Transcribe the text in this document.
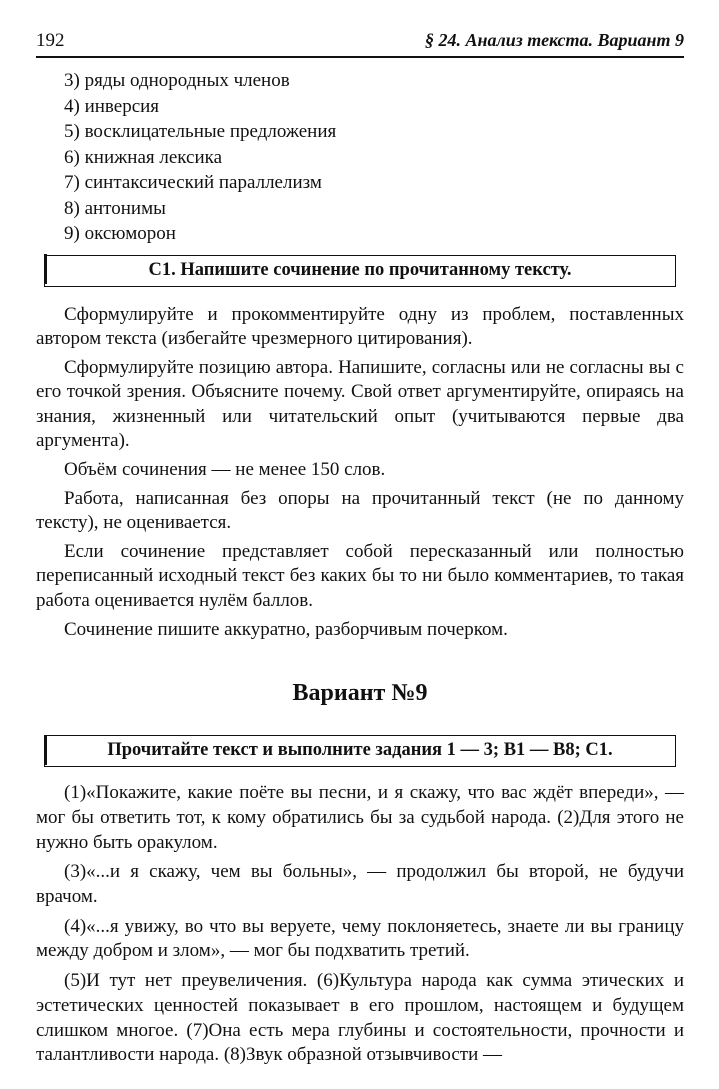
192	§ 24. Анализ текста. Вариант 9
3) ряды однородных членов
4) инверсия
5) восклицательные предложения
6) книжная лексика
7) синтаксический параллелизм
8) антонимы
9) оксюморон
С1. Напишите сочинение по прочитанному тексту.

Сформулируйте и прокомментируйте одну из проблем, поставленных автором текста (избегайте чрезмерного цитирования).

Сформулируйте позицию автора. Напишите, согласны или не согласны вы с его точкой зрения. Объясните почему. Свой ответ аргументируйте, опираясь на знания, жизненный или читательский опыт (учитываются первые два аргумента).

Объём сочинения — не менее 150 слов.

Работа, написанная без опоры на прочитанный текст (не по данному тексту), не оценивается.

Если сочинение представляет собой пересказанный или полностью переписанный исходный текст без каких бы то ни было комментариев, то такая работа оценивается нулём баллов.

Сочинение пишите аккуратно, разборчивым почерком.

Вариант №9
Прочитайте текст и выполните задания 1 — 3; В1 — В8; С1.

(1)«Покажите, какие поёте вы песни, и я скажу, что вас ждёт впереди», — мог бы ответить тот, к кому обратились бы за судьбой народа. (2)Для этого не нужно быть оракулом.

(3)«...и я скажу, чем вы больны», — продолжил бы второй, не будучи врачом.

(4)«...я увижу, во что вы веруете, чему поклоняетесь, знаете ли вы границу между добром и злом», — мог бы подхватить третий.

(5)И тут нет преувеличения. (6)Культура народа как сумма этических и эстетических ценностей показывает в его прошлом, настоящем и будущем слишком многое. (7)Она есть мера глубины и состоятельности, прочности и талантливости народа. (8)Звук образной отзывчивости —
